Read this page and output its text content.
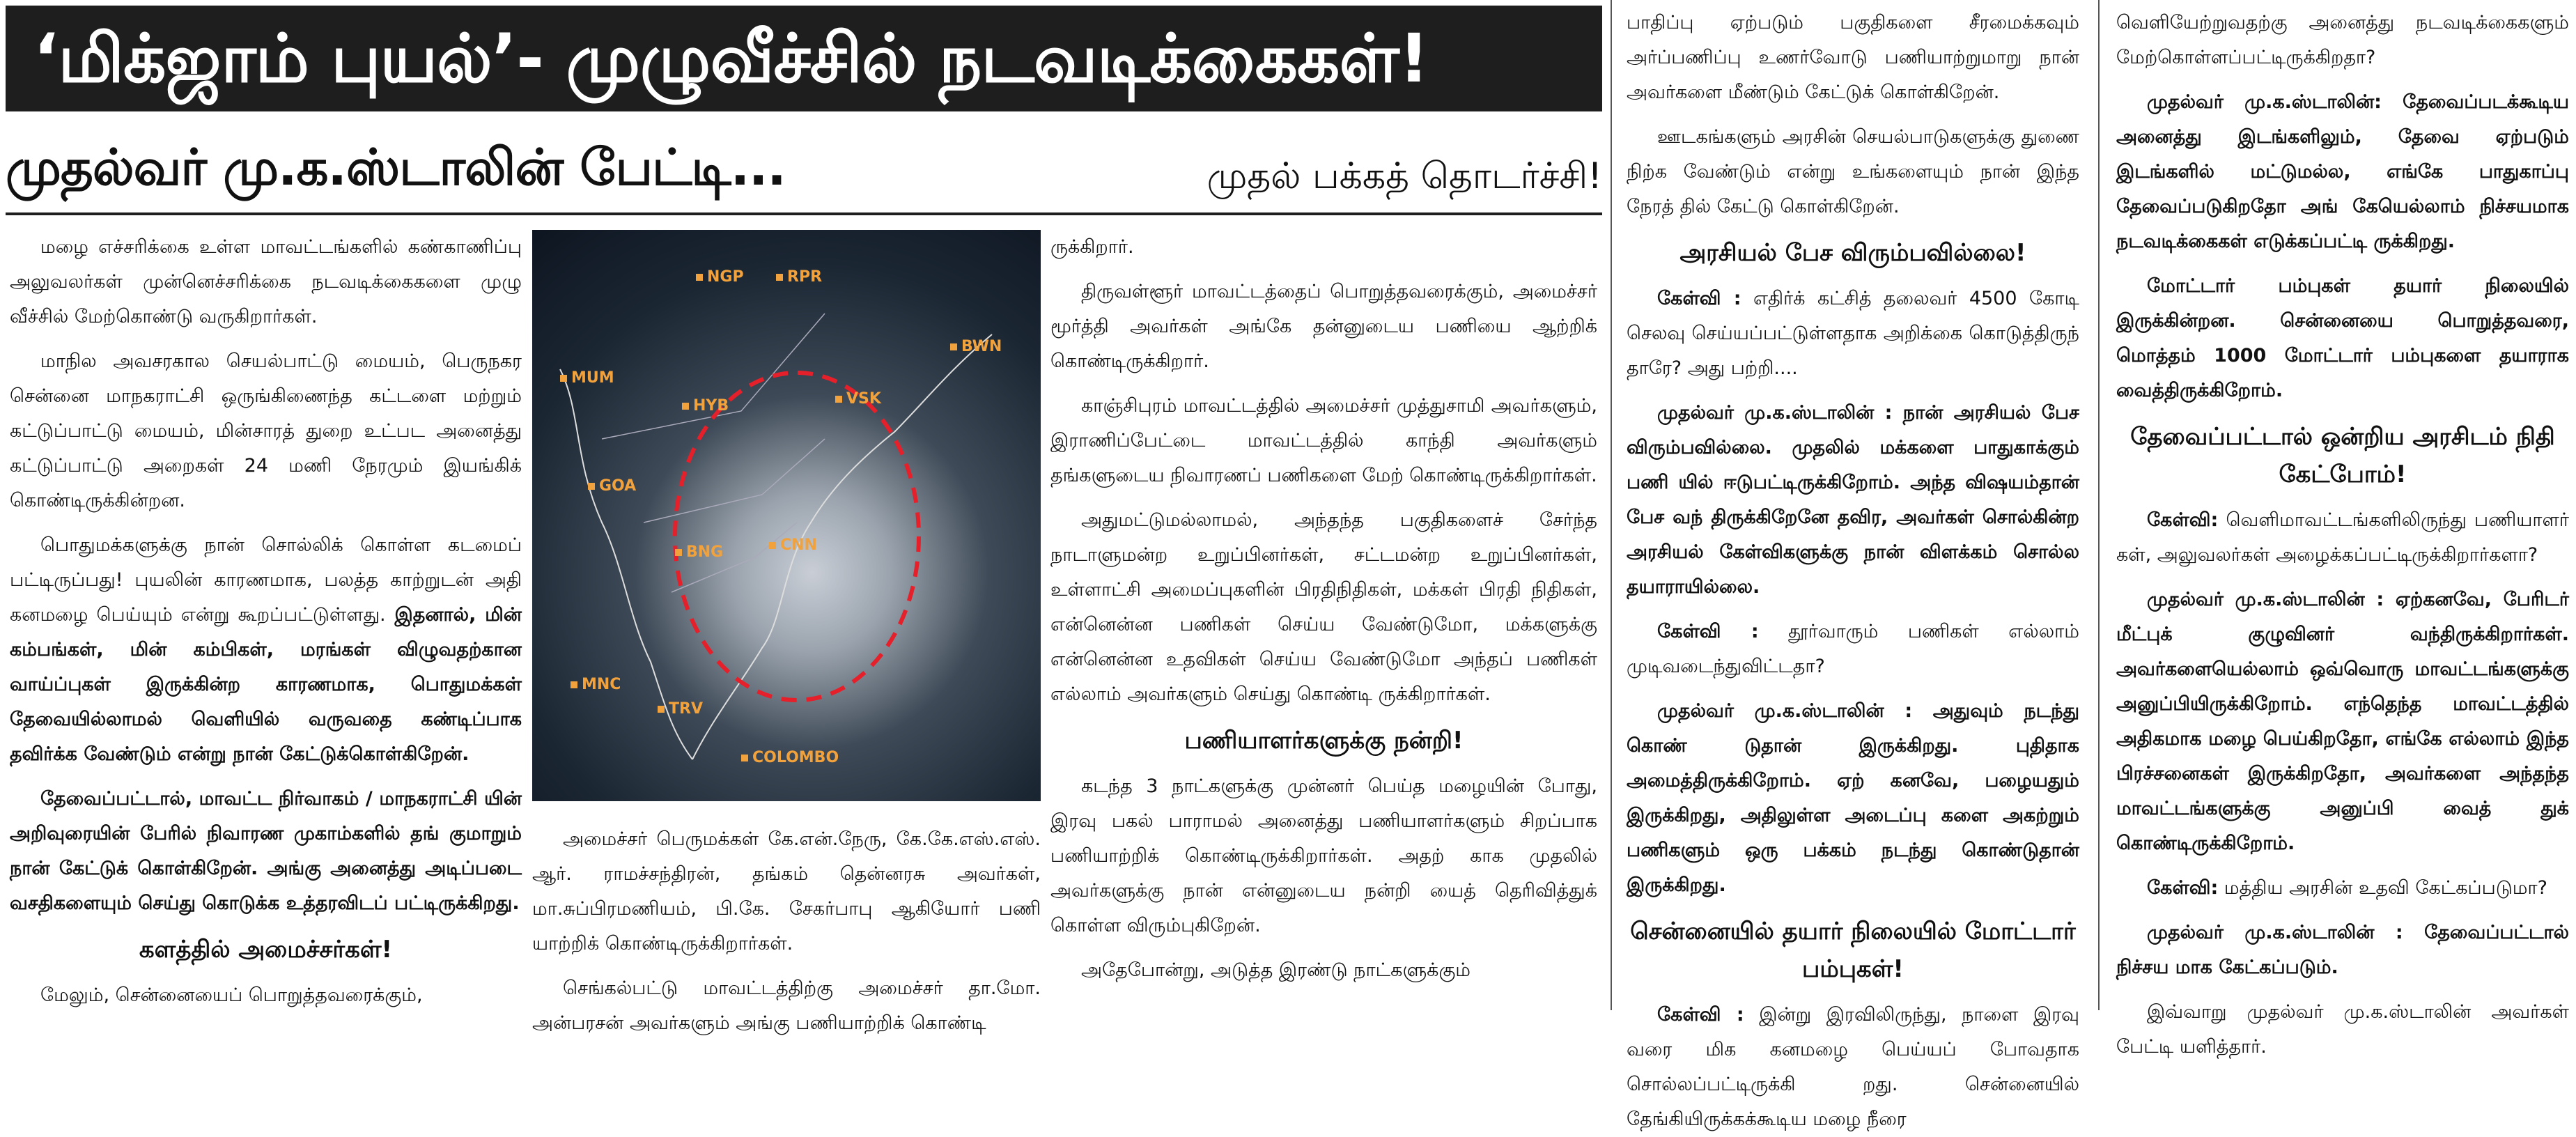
‘மிக்ஜாம் புயல்’- முழுவீச்சில் நடவடிக்கைகள்!
முதல்வர் மு.க.ஸ்டாலின் பேட்டி...	முதல் பக்கத் தொடர்ச்சி!

மழை எச்சரிக்கை உள்ள மாவட்டங்களில் கண்காணிப்பு அலுவலர்கள் முன்னெச்சரிக்கை நடவடிக்கைகளை முழு வீச்சில் மேற்கொண்டு வருகிறார்கள்.

மாநில அவசரகால செயல்பாட்டு மையம், பெருநகர சென்னை மாநகராட்சி ஒருங்கிணைந்த கட்டளை மற்றும் கட்டுப்பாட்டு மையம், மின்சாரத் துறை உட்பட அனைத்து கட்டுப்பாட்டு அறைகள் 24 மணி நேரமும் இயங்கிக் கொண்டிருக்கின்றன.

பொதுமக்களுக்கு நான் சொல்லிக் கொள்ள கடமைப் பட்டிருப்பது! புயலின் காரணமாக, பலத்த காற்றுடன் அதி கனமழை பெய்யும் என்று கூறப்பட்டுள்ளது. இதனால், மின் கம்பங்கள், மின் கம்பிகள், மரங்கள் விழுவதற்கான வாய்ப்புகள் இருக்கின்ற காரணமாக, பொதுமக்கள் தேவையில்லாமல் வெளியில் வருவதை கண்டிப்பாக தவிர்க்க வேண்டும் என்று நான் கேட்டுக்கொள்கிறேன்.

தேவைப்பட்டால், மாவட்ட நிர்வாகம் / மாநகராட்சி யின் அறிவுரையின் பேரில் நிவாரண முகாம்களில் தங் குமாறும் நான் கேட்டுக் கொள்கிறேன். அங்கு அனைத்து அடிப்படை வசதிகளையும் செய்து கொடுக்க உத்தரவிடப் பட்டிருக்கிறது.

களத்தில் அமைச்சர்கள்!

மேலும், சென்னையைப் பொறுத்தவரைக்கும்,

NGP	RPR
BWN
MUM
HYB	VSK
GOA
BNG	CNN
MNC
TRV
COLOMBO

அமைச்சர் பெருமக்கள் கே.என்.நேரு, கே.கே.எஸ்.எஸ். ஆர். ராமச்சந்திரன், தங்கம் தென்னரசு அவர்கள், மா.சுப்பிரமணியம், பி.கே. சேகர்பாபு ஆகியோர் பணி யாற்றிக் கொண்டிருக்கிறார்கள்.

செங்கல்பட்டு மாவட்டத்திற்கு அமைச்சர் தா.மோ. அன்பரசன் அவர்களும் அங்கு பணியாற்றிக் கொண்டி

ருக்கிறார்.

திருவள்ளூர் மாவட்டத்தைப் பொறுத்தவரைக்கும், அமைச்சர் மூர்த்தி அவர்கள் அங்கே தன்னுடைய பணியை ஆற்றிக் கொண்டிருக்கிறார்.

காஞ்சிபுரம் மாவட்டத்தில் அமைச்சர் முத்துசாமி அவர்களும், இராணிப்பேட்டை மாவட்டத்தில் காந்தி அவர்களும் தங்களுடைய நிவாரணப் பணிகளை மேற் கொண்டிருக்கிறார்கள்.

அதுமட்டுமல்லாமல், அந்தந்த பகுதிகளைச் சேர்ந்த நாடாளுமன்ற உறுப்பினர்கள், சட்டமன்ற உறுப்பினர்கள், உள்ளாட்சி அமைப்புகளின் பிரதிநிதிகள், மக்கள் பிரதி நிதிகள், என்னென்ன பணிகள் செய்ய வேண்டுமோ, மக்களுக்கு என்னென்ன உதவிகள் செய்ய வேண்டுமோ அந்தப் பணிகள் எல்லாம் அவர்களும் செய்து கொண்டி ருக்கிறார்கள்.

பணியாளர்களுக்கு நன்றி!

கடந்த 3 நாட்களுக்கு முன்னர் பெய்த மழையின் போது, இரவு பகல் பாராமல் அனைத்து பணியாளர்களும் சிறப்பாக பணியாற்றிக் கொண்டிருக்கிறார்கள். அதற் காக முதலில் அவர்களுக்கு நான் என்னுடைய நன்றி யைத் தெரிவித்துக் கொள்ள விரும்புகிறேன்.

அதேபோன்று, அடுத்த இரண்டு நாட்களுக்கும்

பாதிப்பு ஏற்படும் பகுதிகளை சீரமைக்கவும் அர்ப்பணிப்பு உணர்வோடு பணியாற்றுமாறு நான் அவர்களை மீண்டும் கேட்டுக் கொள்கிறேன்.

ஊடகங்களும் அரசின் செயல்பாடுகளுக்கு துணை நிற்க வேண்டும் என்று உங்களையும் நான் இந்த நேரத் தில் கேட்டு கொள்கிறேன்.

அரசியல் பேச விரும்பவில்லை!

கேள்வி : எதிர்க் கட்சித் தலைவர் 4500 கோடி செலவு செய்யப்பட்டுள்ளதாக அறிக்கை கொடுத்திருந் தாரே? அது பற்றி....

முதல்வர் மு.க.ஸ்டாலின் : நான் அரசியல் பேச விரும்பவில்லை. முதலில் மக்களை பாதுகாக்கும் பணி யில் ஈடுபட்டிருக்கிறோம். அந்த விஷயம்தான் பேச வந் திருக்கிறேனே தவிர, அவர்கள் சொல்கின்ற அரசியல் கேள்விகளுக்கு நான் விளக்கம் சொல்ல தயாராயில்லை.

கேள்வி : தூர்வாரும் பணிகள் எல்லாம் முடிவடைந்துவிட்டதா?

முதல்வர் மு.க.ஸ்டாலின் : அதுவும் நடந்து கொண் டுதான் இருக்கிறது. புதிதாக அமைத்திருக்கிறோம். ஏற் கனவே, பழையதும் இருக்கிறது, அதிலுள்ள அடைப்பு களை அகற்றும் பணிகளும் ஒரு பக்கம் நடந்து கொண்டுதான் இருக்கிறது.

சென்னையில் தயார் நிலையில் மோட்டார் பம்புகள்!

கேள்வி : இன்று இரவிலிருந்து, நாளை இரவு வரை மிக கனமழை பெய்யப் போவதாக சொல்லப்பட்டிருக்கி றது. சென்னையில் தேங்கியிருக்கக்கூடிய மழை நீரை

வெளியேற்றுவதற்கு அனைத்து நடவடிக்கைகளும் மேற்கொள்ளப்பட்டிருக்கிறதா?

முதல்வர் மு.க.ஸ்டாலின்: தேவைப்படக்கூடிய அனைத்து இடங்களிலும், தேவை ஏற்படும் இடங்களில் மட்டுமல்ல, எங்கே பாதுகாப்பு தேவைப்படுகிறதோ அங் கேயெல்லாம் நிச்சயமாக நடவடிக்கைகள் எடுக்கப்பட்டி ருக்கிறது.

மோட்டார் பம்புகள் தயார் நிலையில் இருக்கின்றன. சென்னையை பொறுத்தவரை, மொத்தம் 1000 மோட்டார் பம்புகளை தயாராக வைத்திருக்கிறோம்.

தேவைப்பட்டால் ஒன்றிய அரசிடம் நிதி கேட்போம்!

கேள்வி: வெளிமாவட்டங்களிலிருந்து பணியாளர் கள், அலுவலர்கள் அழைக்கப்பட்டிருக்கிறார்களா?

முதல்வர் மு.க.ஸ்டாலின் : ஏற்கனவே, பேரிடர் மீட்புக் குழுவினர் வந்திருக்கிறார்கள். அவர்களையெல்லாம் ஒவ்வொரு மாவட்டங்களுக்கு அனுப்பியிருக்கிறோம். எந்தெந்த மாவட்டத்தில் அதிகமாக மழை பெய்கிறதோ, எங்கே எல்லாம் இந்த பிரச்சனைகள் இருக்கிறதோ, அவர்களை அந்தந்த மாவட்டங்களுக்கு அனுப்பி வைத் துக் கொண்டிருக்கிறோம்.

கேள்வி: மத்திய அரசின் உதவி கேட்கப்படுமா?

முதல்வர் மு.க.ஸ்டாலின் : தேவைப்பட்டால் நிச்சய மாக கேட்கப்படும்.

இவ்வாறு முதல்வர் மு.க.ஸ்டாலின் அவர்கள் பேட்டி யளித்தார்.
